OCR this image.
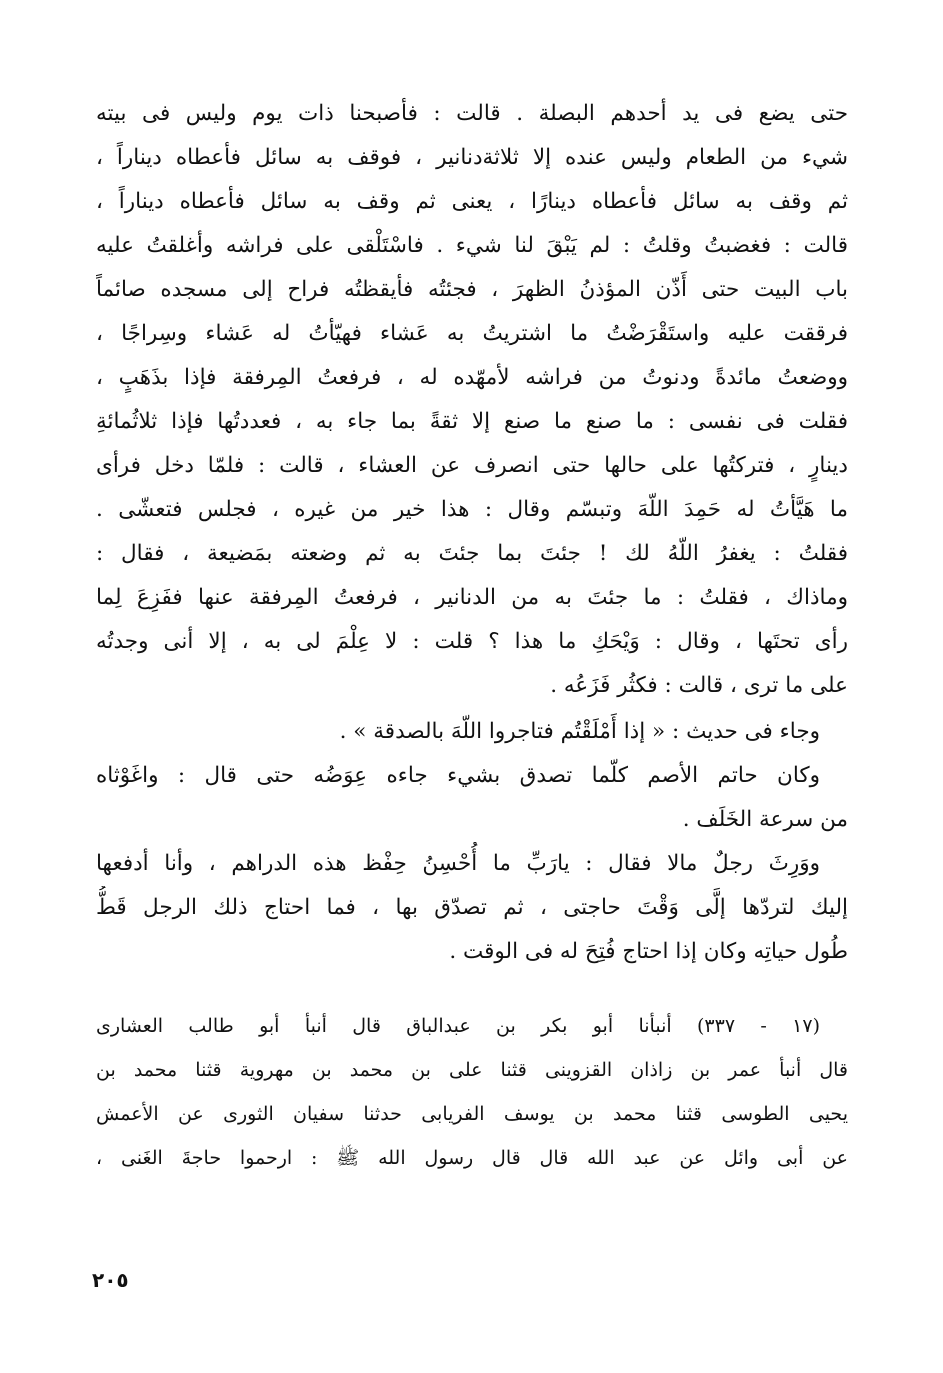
حتى يضع فى يد أحدهم البصلة . قالت : فأصبحنا ذات يوم وليس فى بيته
شيء من الطعام وليس عنده إلا ثلاثةدنانير ، فوقف به سائل فأعطاه ديناراً ،
ثم وقف به سائل فأعطاه دينارًا ، يعنى ثم وقف به سائل فأعطاه ديناراً ،
قالت : فغضبتُ وقلتُ : لم يَبْقَ لنا شيء . فاسْتَلْقى على فراشه وأغلقتُ عليه
باب البيت حتى أَذّن المؤذنُ الظهرَ ، فجئتُه فأيقظتُه فراح إلى مسجده صائماً
فرققت عليه واستَقْرَضْتُ ما اشتريتُ به عَشاء فهيّأتُ له عَشاء وسِراجًا ،
ووضعتُ مائدةً ودنوتُ من فراشه لأمهّده له ، فرفعتُ المِرفقة فإذا بذَهَبٍ ،
فقلت فى نفسى : ما صنع ما صنع إلا ثقةً بما جاء به ، فعددتُها فإذا ثلاثُمائةِ
دينارٍ ، فتركتُها على حالها حتى انصرف عن العشاء ، قالت : فلمّا دخل فرأى
ما هَيَّأتُ له حَمِدَ اللّهَ وتبسّم وقال : هذا خير من غيره ، فجلس فتعشّى .
فقلتُ : يغفرُ اللّهُ لك ! جئتَ بما جئتَ به ثم وضعته بمَضيعة ، فقال :
وماذاك ، فقلتُ : ما جئتَ به من الدنانير ، فرفعتُ المِرفقة عنها ففَزِعَ لِما
رأى تحتَها ، وقال : وَيْحَكِ ما هذا ؟ قلت : لا عِلْمَ لى به ، إلا أنى وجدتُه
على ما ترى ، قالت : فكثُر فَزَعُه .
وجاء فى حديث : « إذا أَمْلَقْتُم فتاجروا اللّهَ بالصدقة » .
وكان حاتم الأصم كلّما تصدق بشيء جاءه عِوَضُه حتى قال : واغَوْثاه
من سرعة الخَلَف .
ووَرِثَ رجلٌ مالا فقال : يارَبِّ ما أُحْسِنُ حِفْظ هذه الدراهم ، وأنا أدفعها
إليك لتردّها إلَّى وَقْتَ حاجتى ، ثم تصدّق بها ، فما احتاج ذلك الرجل قَطُّ
طُول حياتِه وكان إذا احتاج فُتِحَ له فى الوقت .
(١٧ - ٣٣٧) أنبأنا أبو بكر بن عبدالباق قال أنبأ أبو طالب العشارى
قال أنبأ عمر بن زاذان القزوينى قثنا على بن محمد بن مهروية قثنا محمد بن
يحيى الطوسى قثنا محمد بن يوسف الفريابى حدثنا سفيان الثورى عن الأعمش
عن أبى وائل عن عبد الله قال قال رسول الله ﷺ : ارحموا حاجةَ الغَنى ،
٢٠٥
